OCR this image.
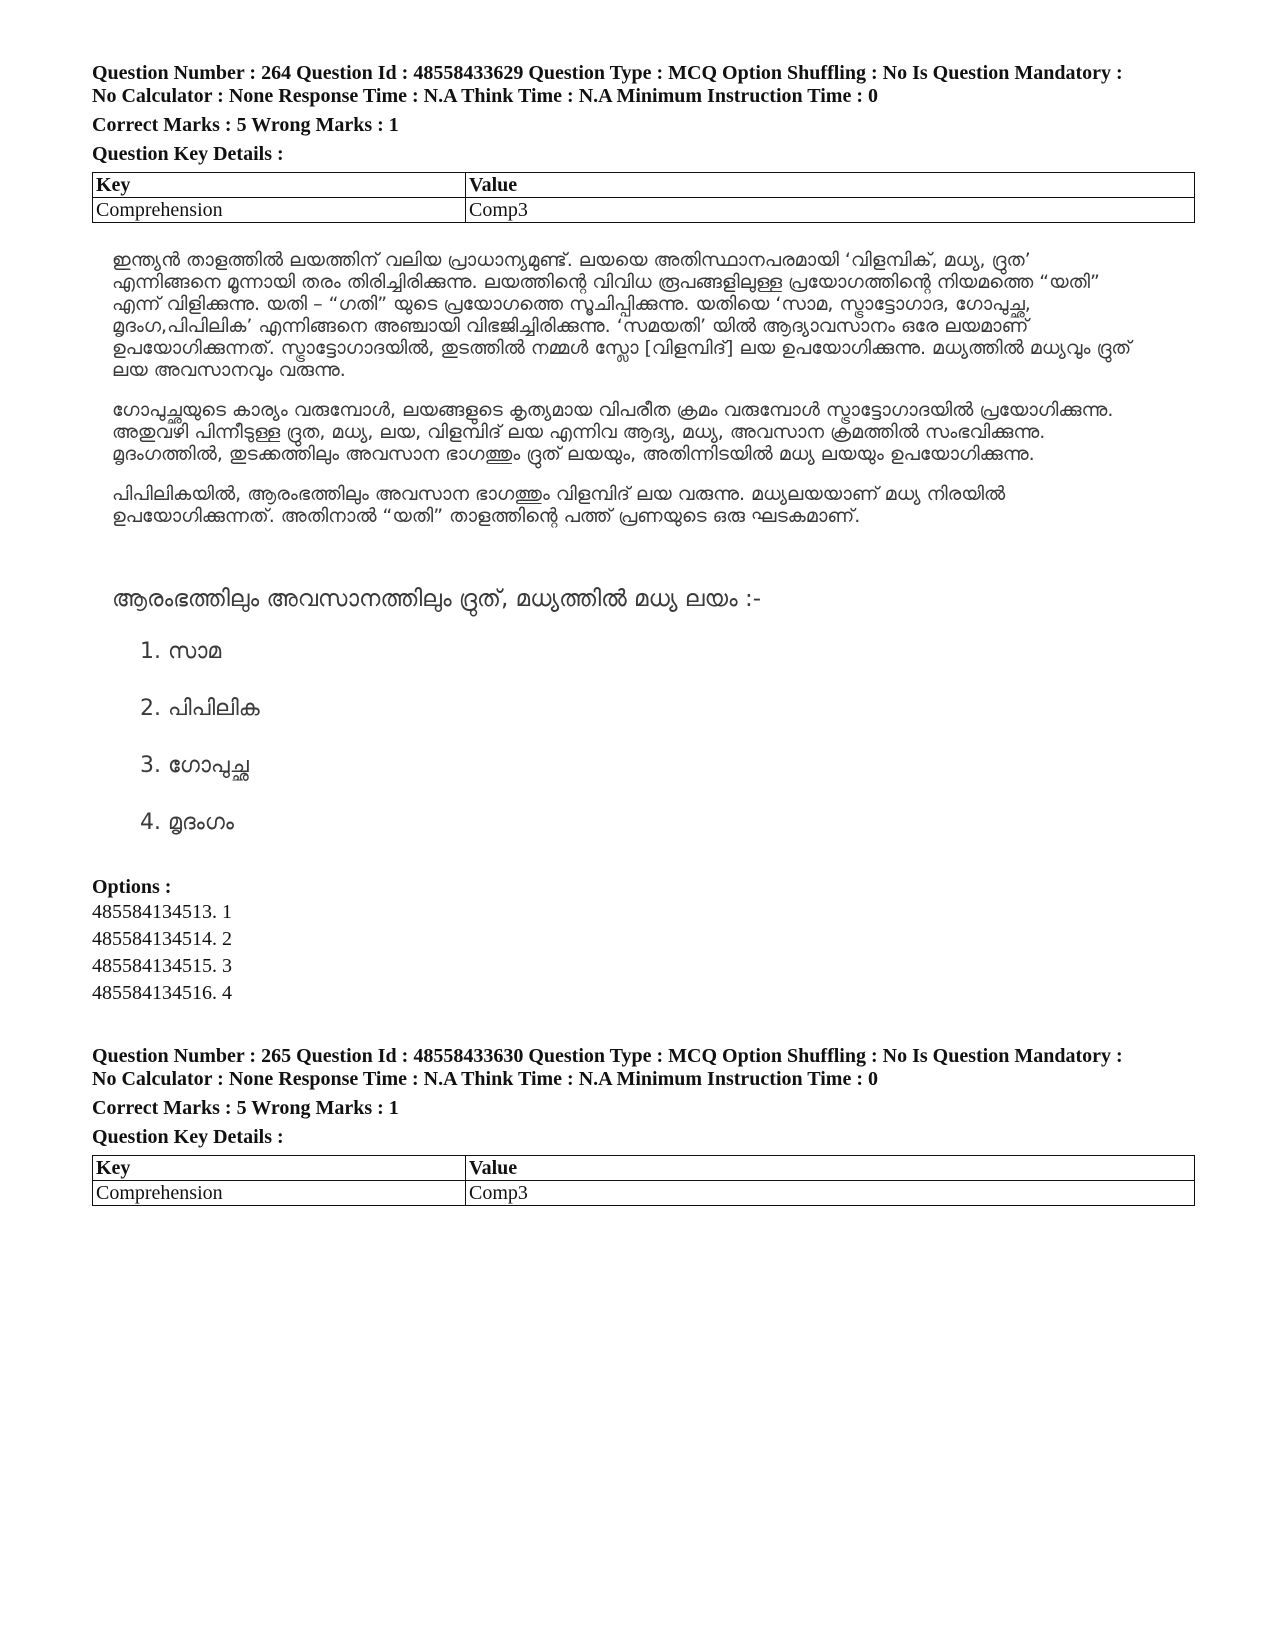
Question Number : 264 Question Id : 48558433629 Question Type : MCQ Option Shuffling : No Is Question Mandatory :
No Calculator : None Response Time : N.A Think Time : N.A Minimum Instruction Time : 0
Correct Marks : 5 Wrong Marks : 1
Question Key Details :
Key	Value
Comprehension	Comp3

ഇന്ത്യൻ താളത്തിൽ ലയത്തിന് വലിയ പ്രാധാന്യമുണ്ട്. ലയയെ അതിസ്ഥാനപരമായി ‘വിളമ്പിക്, മധ്യ, ദ്രുത’ എന്നിങ്ങനെ മൂന്നായി തരം തിരിച്ചിരിക്കുന്നു. ലയത്തിന്റെ വിവിധ രൂപങ്ങളിലുള്ള പ്രയോഗത്തിന്റെ നിയമത്തെ “യതി” എന്ന് വിളിക്കുന്നു. യതി – “ഗതി” യുടെ പ്രയോഗത്തെ സൂചിപ്പിക്കുന്നു. യതിയെ ‘സാമ, സ്ട്രാട്ടോഗാദ, ഗോപുച്ഛ, മൃദംഗ,പിപിലിക’ എന്നിങ്ങനെ അഞ്ചായി വിഭജിച്ചിരിക്കുന്നു. ‘സമയതി’ യിൽ ആദ്യാവസാനം ഒരേ ലയമാണ് ഉപയോഗിക്കുന്നത്. സ്ട്രാട്ടോഗാദയിൽ, തുടത്തിൽ നമ്മൾ സ്ലോ [വിളമ്പിദ്] ലയ ഉപയോഗിക്കുന്നു. മധ്യത്തിൽ മധ്യവും ദ്രുത് ലയ അവസാനവും വരുന്നു.

ഗോപുച്ഛയുടെ കാര്യം വരുമ്പോൾ, ലയങ്ങളുടെ കൃത്യമായ വിപരീത ക്രമം വരുമ്പോൾ സ്ട്രാട്ടോഗാദയിൽ പ്രയോഗിക്കുന്നു. അതുവഴി പിന്നീടുള്ള ദ്രുത, മധ്യ, ലയ, വിളമ്പിദ് ലയ എന്നിവ ആദ്യ, മധ്യ, അവസാന ക്രമത്തിൽ സംഭവിക്കുന്നു. മൃദംഗത്തിൽ, തുടക്കത്തിലും അവസാന ഭാഗത്തും ദ്രുത് ലയയും, അതിന്നിടയിൽ മധ്യ ലയയും ഉപയോഗിക്കുന്നു.

പിപിലികയിൽ, ആരംഭത്തിലും അവസാന ഭാഗത്തും വിളമ്പിദ് ലയ വരുന്നു. മധ്യലയയാണ് മധ്യ നിരയിൽ ഉപയോഗിക്കുന്നത്. അതിനാൽ “യതി” താളത്തിന്റെ പത്ത് പ്രണയുടെ ഒരു ഘടകമാണ്.

ആരംഭത്തിലും അവസാനത്തിലും ദ്രുത്, മധ്യത്തിൽ മധ്യ ലയം :-
1. സാമ
2. പിപിലിക
3. ഗോപുച്ഛ
4. മൃദംഗം
Options :
485584134513. 1
485584134514. 2
485584134515. 3
485584134516. 4
Question Number : 265 Question Id : 48558433630 Question Type : MCQ Option Shuffling : No Is Question Mandatory :
No Calculator : None Response Time : N.A Think Time : N.A Minimum Instruction Time : 0
Correct Marks : 5 Wrong Marks : 1
Question Key Details :
Key	Value
Comprehension	Comp3
